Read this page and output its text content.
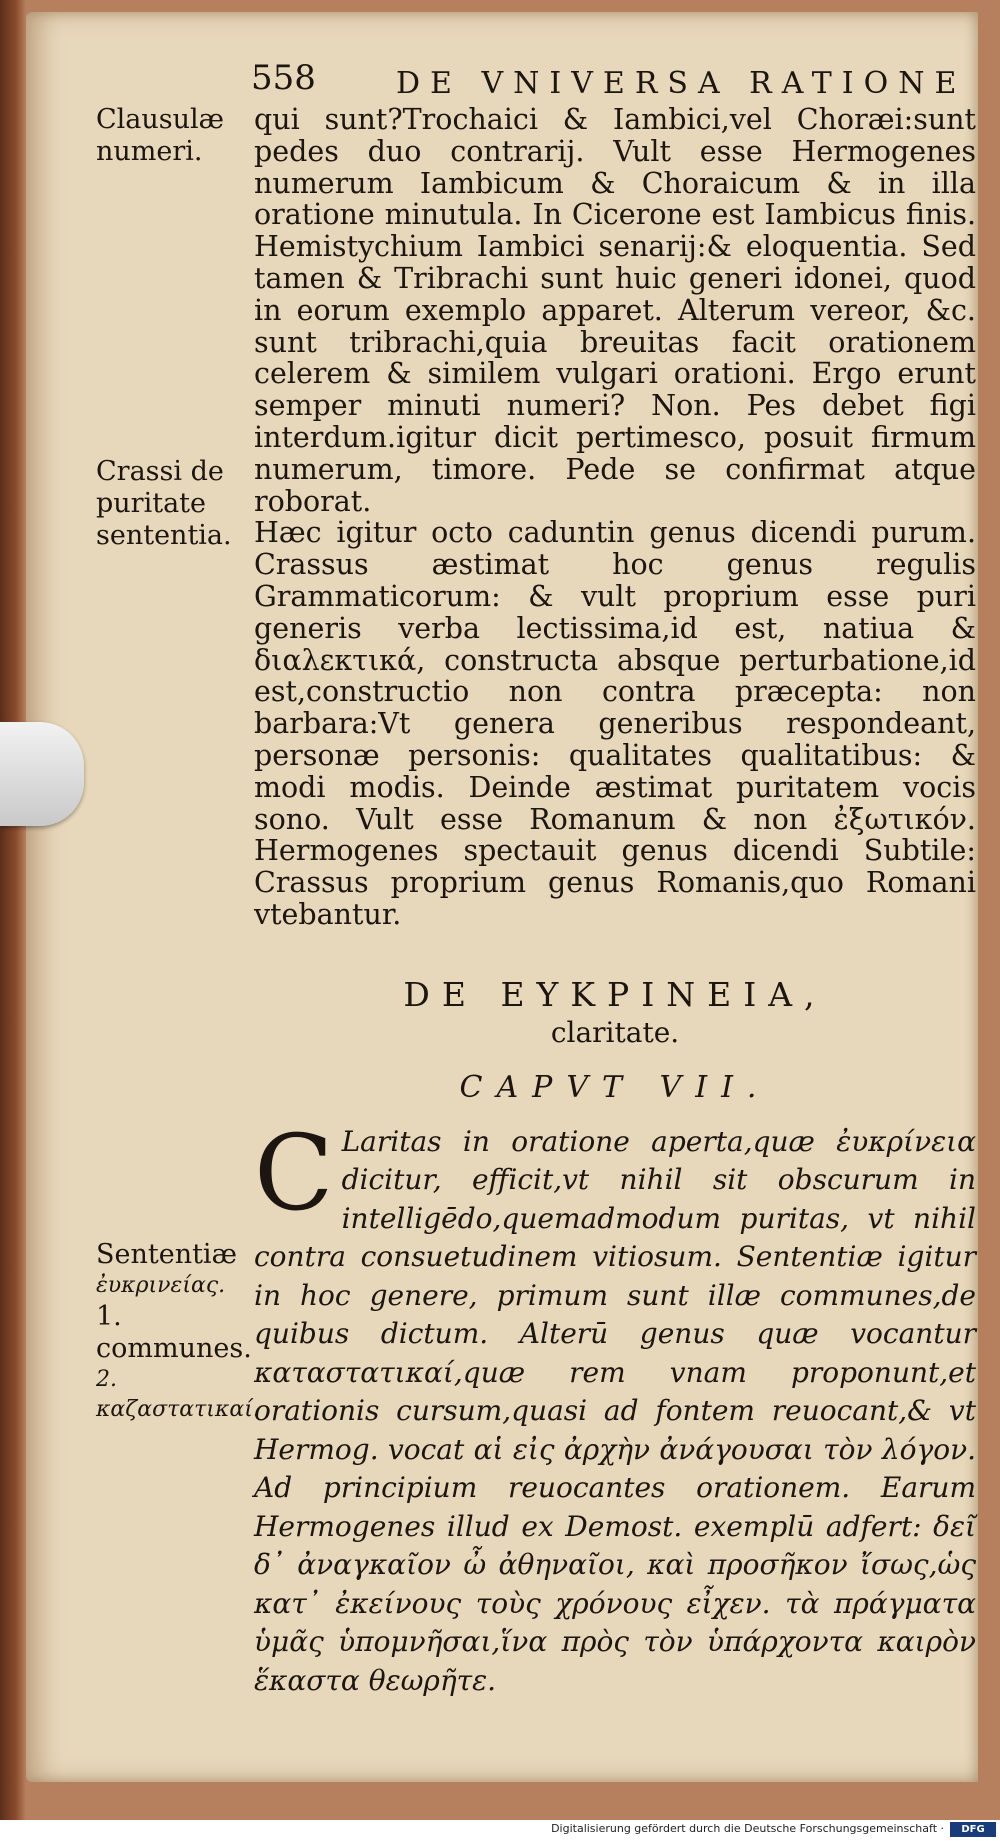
558	DE VNIVERSA RATIONE
Clausulæ numeri.
Crassi de puritate sententia.

qui sunt?Trochaici & Iambici,vel Choræi:sunt pedes duo contrarij. Vult esse Hermogenes numerum Iambicum & Choraicum & in illa oratione minutula. In Cicerone est Iambicus finis. Hemistychium Iambici senarij:& eloquentia. Sed tamen & Tribrachi sunt huic generi idonei, quod in eorum exemplo apparet. Alterum vereor, &c. sunt tribrachi,quia breuitas facit orationem celerem & similem vulgari orationi. Ergo erunt semper minuti numeri? Non. Pes debet figi interdum.igitur dicit pertimesco, posuit firmum numerum, timore. Pede se confirmat atque roborat.

Hæc igitur octo caduntin genus dicendi purum. Crassus æstimat hoc genus regulis Grammaticorum: & vult proprium esse puri generis verba lectissima,id est, natiua & διαλεκτικά, constructa absque perturbatione,id est,constructio non contra præcepta: non barbara:Vt genera generibus respondeant, personæ personis: qualitates qualitatibus: & modi modis. Deinde æstimat puritatem vocis sono. Vult esse Romanum & non ἐξωτικόν. Hermogenes spectauit genus dicendi Subtile: Crassus proprium genus Romanis,quo Romani vtebantur.

DE ΕΥΚΡΙΝΕΙΑ,
claritate.
CAPVT VII.
Sententiæ
ἐυκρινείας.
1. communes.
2. καζαστατικαί.
C Laritas in oratione aperta,quæ ἐυκρίνεια dicitur, efficit,vt nihil sit obscurum in intelligēdo,quemadmodum puritas, vt nihil contra consuetudinem vitiosum. Sententiæ igitur in hoc genere, primum sunt illæ communes,de quibus dictum. Alterū genus quæ vocantur καταστατικαί,quæ rem vnam proponunt,et orationis cursum,quasi ad fontem reuocant,& vt Hermog. vocat αἱ εἰς ἀρχὴν ἀνάγουσαι τὸν λόγον. Ad principium reuocantes orationem. Earum Hermogenes illud ex Demost. exemplū adfert: δεῖ δ᾽ ἀναγκαῖον ὦ ἀθηναῖοι, καὶ προσῆκον ἴσως,ὡς κατ᾽ ἐκείνους τοὺς χρόνους εἶχεν. τὰ πράγματα ὑμᾶς ὑπομνῆσαι,ἵνα πρὸς τὸν ὑπάρχοντα καιρὸν ἕκαστα θεωρῆτε.
Digitalisierung gefördert durch die Deutsche Forschungsgemeinschaft ·	DFG
